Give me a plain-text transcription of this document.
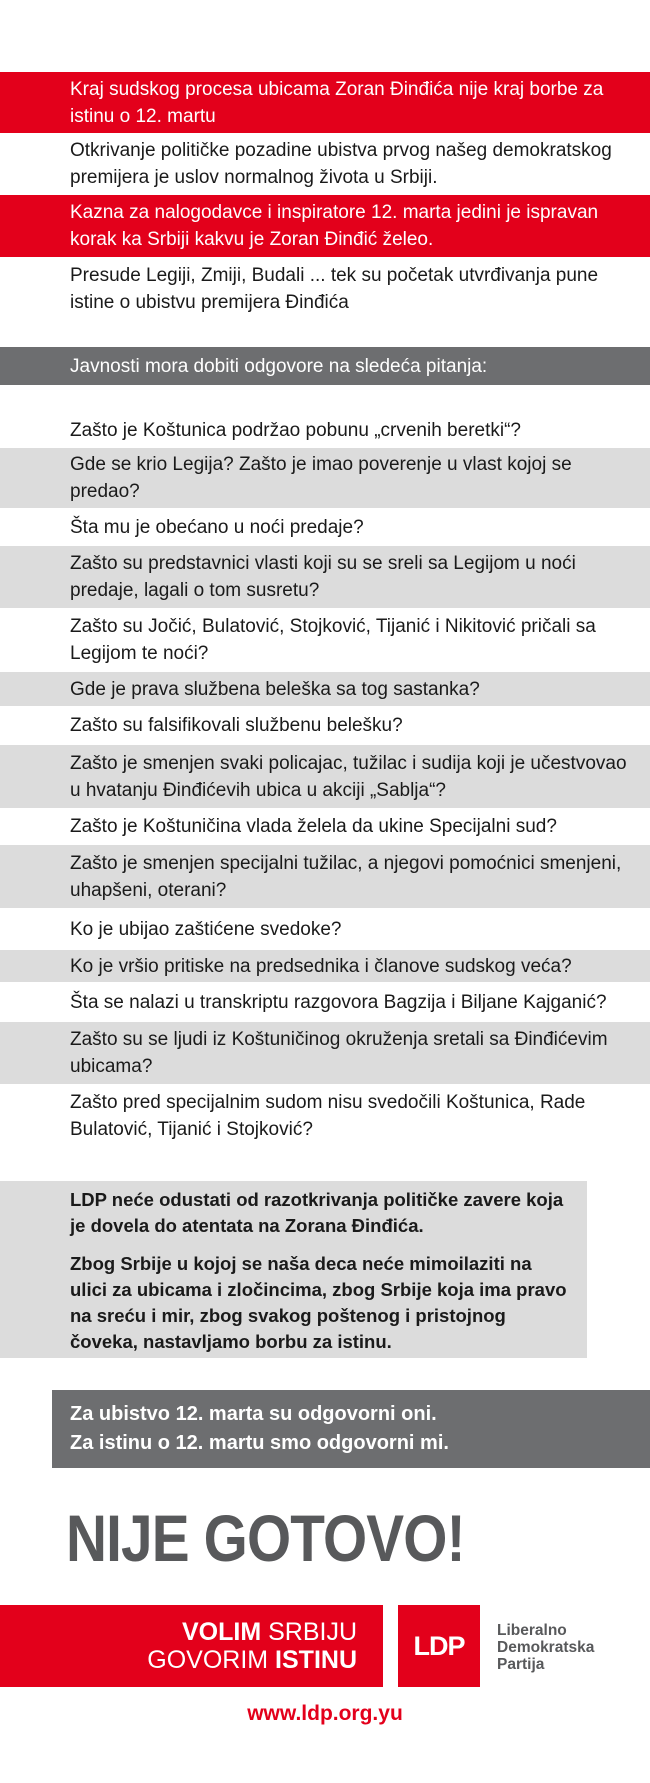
Kraj sudskog procesa ubicama Zoran Đinđića nije kraj borbe za istinu o 12. martu
Otkrivanje političke pozadine ubistva prvog našeg demokratskog premijera je uslov normalnog života u Srbiji.
Kazna za nalogodavce i inspiratore 12. marta jedini je ispravan korak ka Srbiji kakvu je Zoran Đinđić želeo.
Presude Legiji, Zmiji, Budali ... tek su početak utvrđivanja pune istine o ubistvu premijera Đinđića
Javnosti mora dobiti odgovore na sledeća pitanja:
Zašto je Koštunica podržao pobunu „crvenih beretki“?
Gde se krio Legija? Zašto je imao poverenje u vlast kojoj se predao?
Šta mu je obećano u noći predaje?
Zašto su predstavnici vlasti koji su se sreli sa Legijom u noći predaje, lagali o tom susretu?
Zašto su Jočić, Bulatović, Stojković, Tijanić i Nikitović pričali sa Legijom te noći?
Gde je prava službena beleška sa tog sastanka?
Zašto su falsifikovali službenu belešku?
Zašto je smenjen svaki policajac, tužilac i sudija koji je učestvovao u hvatanju Đinđićevih ubica u akciji „Sablja“?
Zašto je Koštuničina vlada želela da ukine Specijalni sud?
Zašto je smenjen specijalni tužilac, a njegovi pomoćnici smenjeni, uhapšeni, oterani?
Ko je ubijao zaštićene svedoke?
Ko je vršio pritiske na predsednika i članove sudskog veća?
Šta se nalazi u transkriptu razgovora Bagzija i Biljane Kajganić?
Zašto su se ljudi iz Koštuničinog okruženja sretali sa Đinđićevim ubicama?
Zašto pred specijalnim sudom nisu svedočili Koštunica, Rade Bulatović, Tijanić i Stojković?

LDP neće odustati od razotkrivanja političke zavere koja je dovela do atentata na Zorana Đinđića.

Zbog Srbije u kojoj se naša deca neće mimoilaziti na ulici za ubicama i zločincima, zbog Srbije koja ima pravo na sreću i mir, zbog svakog poštenog i pristojnog čoveka, nastavljamo borbu za istinu.

Za ubistvo 12. marta su odgovorni oni.
Za istinu o 12. martu smo odgovorni mi.
NIJE GOTOVO!
VOLIM SRBIJU
GOVORIM ISTINU LDP Liberalno
Demokratska
Partija
www.ldp.org.yu
